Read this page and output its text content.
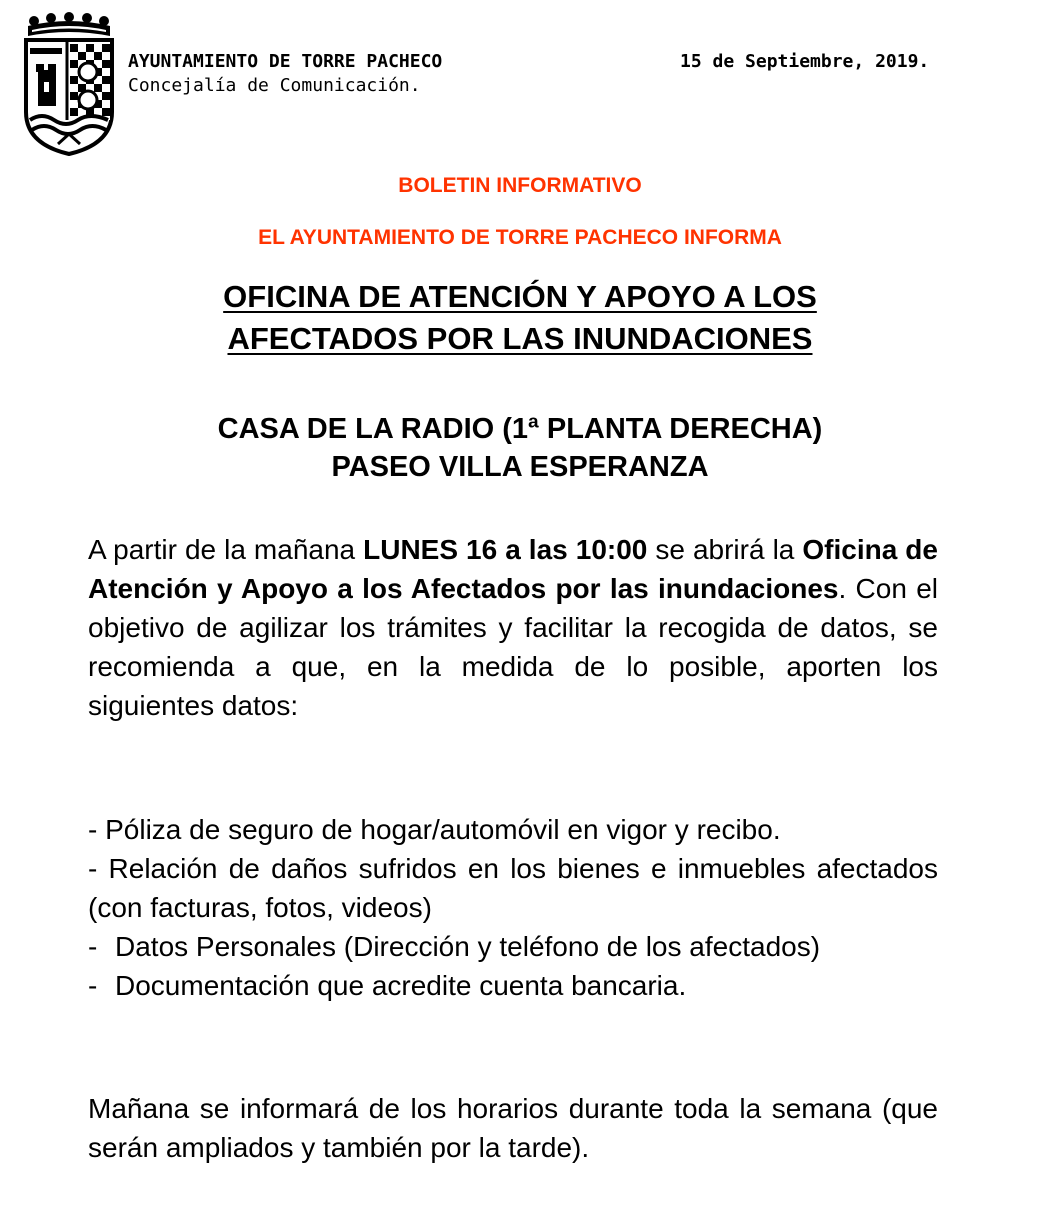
AYUNTAMIENTO DE TORRE PACHECO
Concejalía de Comunicación.
15 de Septiembre, 2019.
BOLETIN INFORMATIVO
EL AYUNTAMIENTO DE TORRE PACHECO INFORMA
OFICINA DE ATENCIÓN Y APOYO A LOS
AFECTADOS POR LAS INUNDACIONES
CASA DE LA RADIO (1ª PLANTA DERECHA)
PASEO VILLA ESPERANZA
A partir de la mañana LUNES 16 a las 10:00 se abrirá la Oficina de Atención y Apoyo a los Afectados por las inundaciones. Con el objetivo de agilizar los trámites y facilitar la recogida de datos, se recomienda a que, en la medida de lo posible, aporten los siguientes datos:
- Póliza de seguro de hogar/automóvil en vigor y recibo.
- Relación de daños sufridos en los bienes e inmuebles afectados (con facturas, fotos, videos)
- Datos Personales (Dirección y teléfono de los afectados)
- Documentación que acredite cuenta bancaria.
Mañana se informará de los horarios durante toda la semana (que serán ampliados y también por la tarde).
